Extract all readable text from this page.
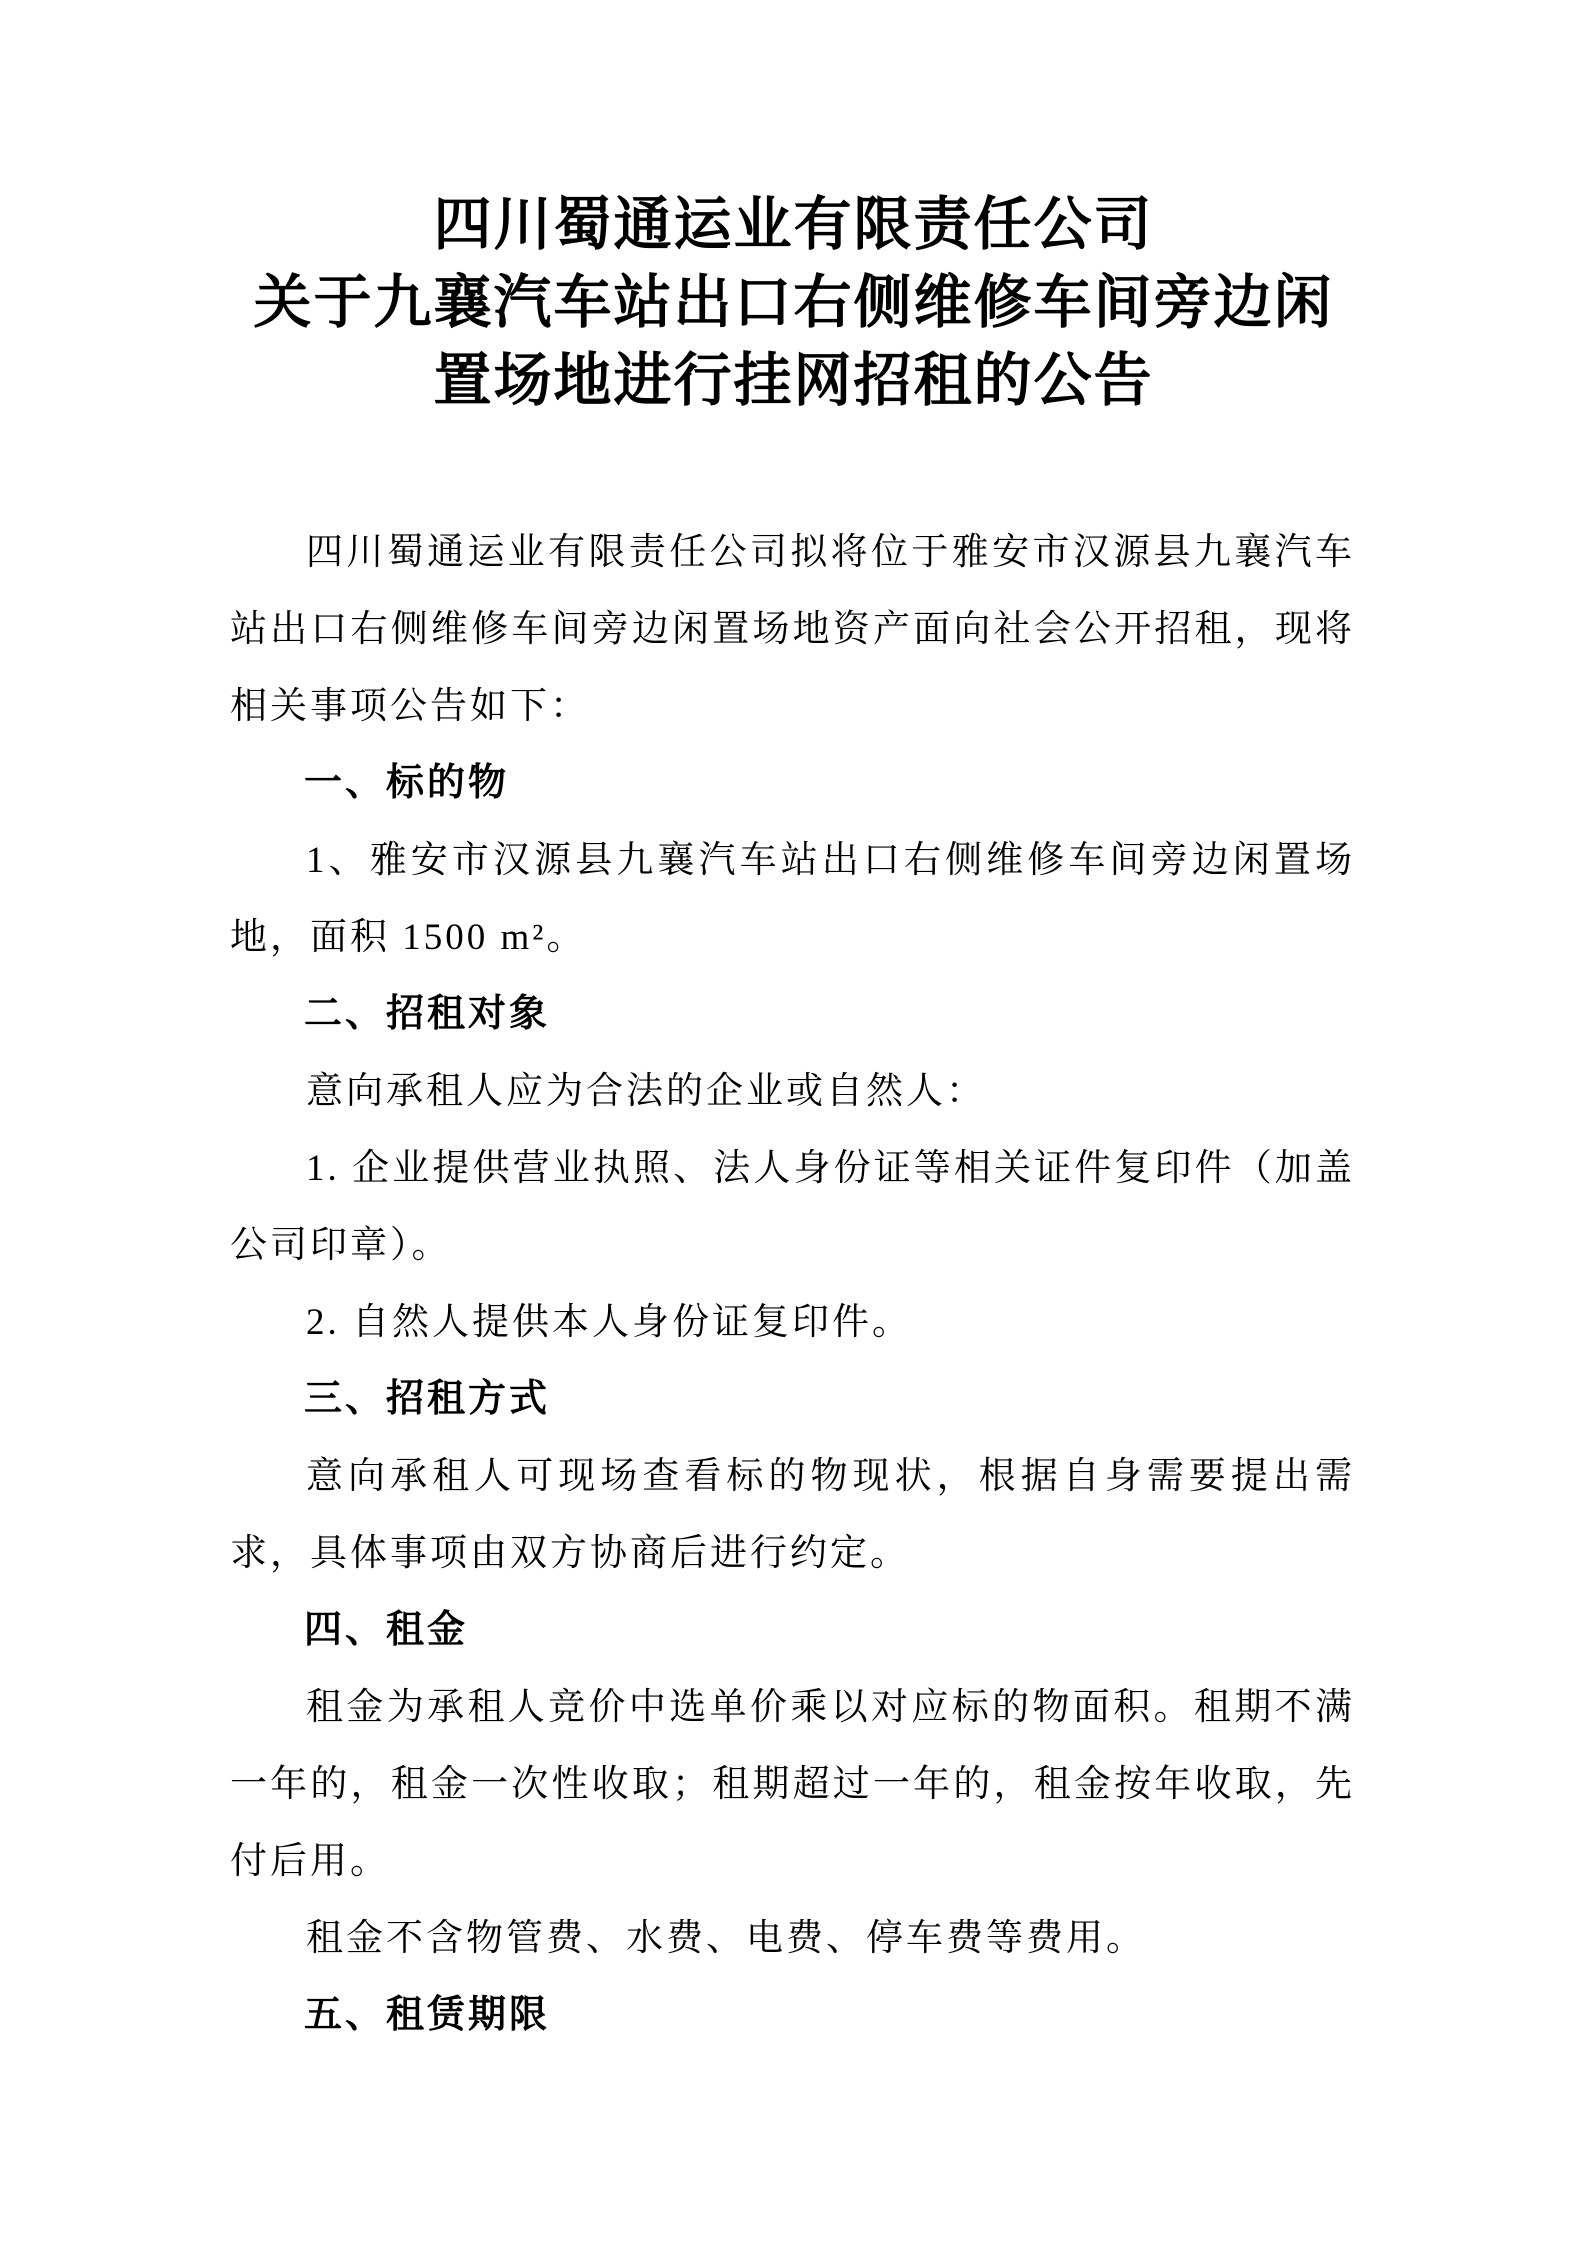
四川蜀通运业有限责任公司
关于九襄汽车站出口右侧维修车间旁边闲
置场地进行挂网招租的公告

四川蜀通运业有限责任公司拟将位于雅安市汉源县九襄汽车站出口右侧维修车间旁边闲置场地资产面向社会公开招租，现将相关事项公告如下：

一、标的物

1、雅安市汉源县九襄汽车站出口右侧维修车间旁边闲置场地，面积 1500 m²。

二、招租对象

意向承租人应为合法的企业或自然人：

1. 企业提供营业执照、法人身份证等相关证件复印件（加盖公司印章）。

2. 自然人提供本人身份证复印件。

三、招租方式

意向承租人可现场查看标的物现状，根据自身需要提出需求，具体事项由双方协商后进行约定。

四、租金

租金为承租人竞价中选单价乘以对应标的物面积。租期不满一年的，租金一次性收取；租期超过一年的，租金按年收取，先付后用。

租金不含物管费、水费、电费、停车费等费用。

五、租赁期限
